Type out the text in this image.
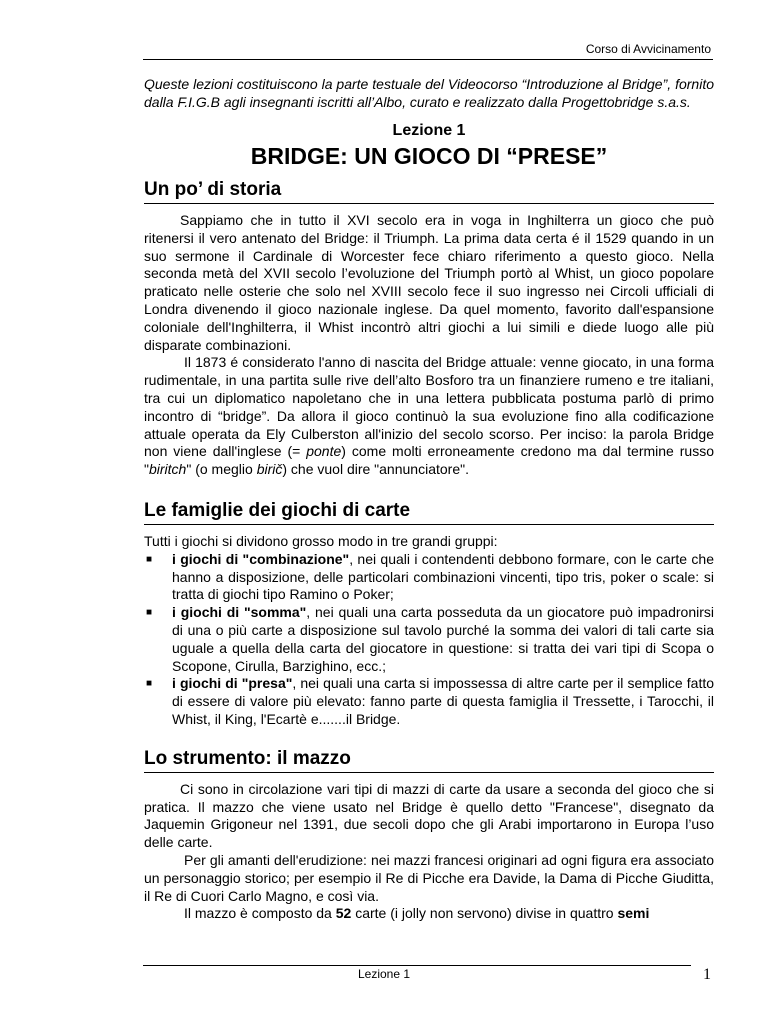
Corso di Avvicinamento

Queste lezioni costituiscono la parte testuale del Videocorso “Introduzione al Bridge”, fornito dalla F.I.G.B agli insegnanti iscritti all’Albo, curato e realizzato dalla Progettobridge s.a.s.

Lezione 1
BRIDGE: UN GIOCO DI “PRESE”
Un po’ di storia

Sappiamo che in tutto il XVI secolo era in voga in Inghilterra un gioco che può ritenersi il vero antenato del Bridge: il Triumph. La prima data certa é il 1529 quando in un suo sermone il Cardinale di Worcester fece chiaro riferimento a questo gioco. Nella seconda metà del XVII secolo l’evoluzione del Triumph portò al Whist, un gioco popolare praticato nelle osterie che solo nel XVIII secolo fece il suo ingresso nei Circoli ufficiali di Londra divenendo il gioco nazionale inglese. Da quel momento, favorito dall'espansione coloniale dell'Inghilterra, il Whist incontrò altri giochi a lui simili e diede luogo alle più disparate combinazioni.

Il 1873 é considerato l'anno di nascita del Bridge attuale: venne giocato, in una forma rudimentale, in una partita sulle rive dell’alto Bosforo tra un finanziere rumeno e tre italiani, tra cui un diplomatico napoletano che in una lettera pubblicata postuma parlò di primo incontro di “bridge”. Da allora il gioco continuò la sua evoluzione fino alla codificazione attuale operata da Ely Culberston all'inizio del secolo scorso. Per inciso: la parola Bridge non viene dall'inglese (= ponte) come molti erroneamente credono ma dal termine russo "biritch" (o meglio birič) che vuol dire "annunciatore".

Le famiglie dei giochi di carte

Tutti i giochi si dividono grosso modo in tre grandi gruppi:

■ i giochi di "combinazione", nei quali i contendenti debbono formare, con le carte che hanno a disposizione, delle particolari combinazioni vincenti, tipo tris, poker o scale: si tratta di giochi tipo Ramino o Poker;
■ i giochi di "somma", nei quali una carta posseduta da un giocatore può impadronirsi di una o più carte a disposizione sul tavolo purché la somma dei valori di tali carte sia uguale a quella della carta del giocatore in questione: si tratta dei vari tipi di Scopa o Scopone, Cirulla, Barzighino, ecc.;
■ i giochi di "presa", nei quali una carta si impossessa di altre carte per il semplice fatto di essere di valore più elevato: fanno parte di questa famiglia il Tressette, i Tarocchi, il Whist, il King, l'Ecartè e.......il Bridge.
Lo strumento: il mazzo

Ci sono in circolazione vari tipi di mazzi di carte da usare a seconda del gioco che si pratica. Il mazzo che viene usato nel Bridge è quello detto "Francese", disegnato da Jaquemin Grigoneur nel 1391, due secoli dopo che gli Arabi importarono in Europa l’uso delle carte.

Per gli amanti dell'erudizione: nei mazzi francesi originari ad ogni figura era associato un personaggio storico; per esempio il Re di Picche era Davide, la Dama di Picche Giuditta, il Re di Cuori Carlo Magno, e così via.

Il mazzo è composto da 52 carte (i jolly non servono) divise in quattro semi

Lezione 1	1
